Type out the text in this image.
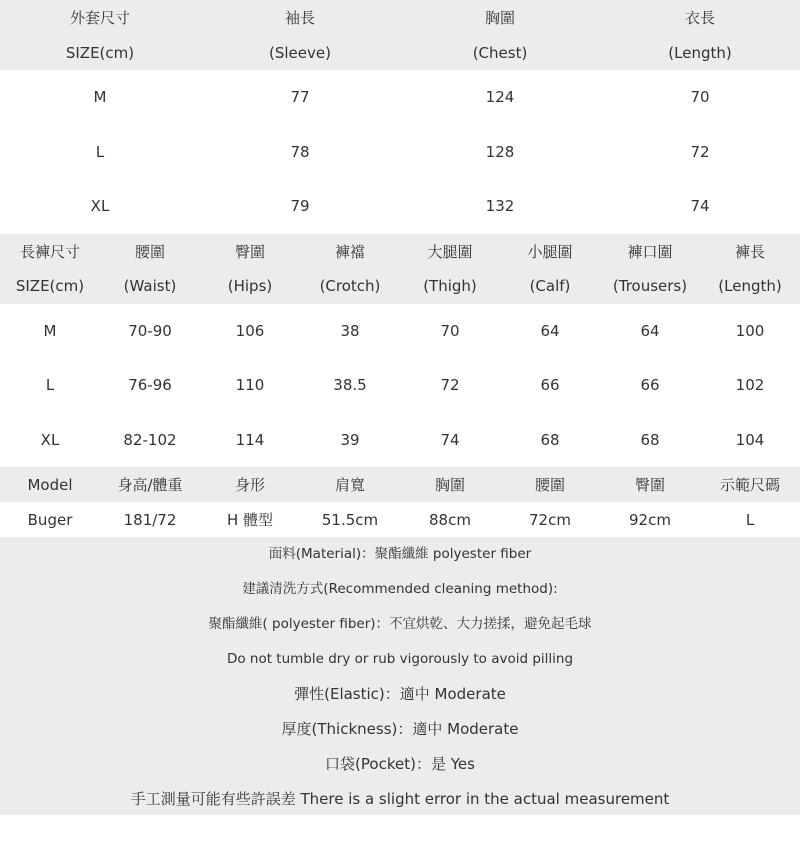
外套尺寸	袖長	胸圍	衣長
SIZE(cm)	(Sleeve)	(Chest)	(Length)
M	77	124	70
L	78	128	72
XL	79	132	74
長褲尺寸	腰圍	臀圍	褲襠	大腿圍	小腿圍	褲口圍	褲長
SIZE(cm)	(Waist)	(Hips)	(Crotch)	(Thigh)	(Calf)	(Trousers)	(Length)
M	70-90	106	38	70	64	64	100
L	76-96	110	38.5	72	66	66	102
XL	82-102	114	39	74	68	68	104
Model	身高/體重	身形	肩寬	胸圍	腰圍	臀圍	示範尺碼
Buger	181/72	H 體型	51.5cm	88cm	72cm	92cm	L
面料(Material)：聚酯纖維 polyester fiber
建議清洗方式(Recommended cleaning method):
聚酯纖維( polyester fiber)：不宜烘乾、大力搓揉，避免起毛球
Do not tumble dry or rub vigorously to avoid pilling
彈性(Elastic)：適中 Moderate
厚度(Thickness)：適中 Moderate
口袋(Pocket)：是 Yes
手工測量可能有些許誤差 There is a slight error in the actual measurement
